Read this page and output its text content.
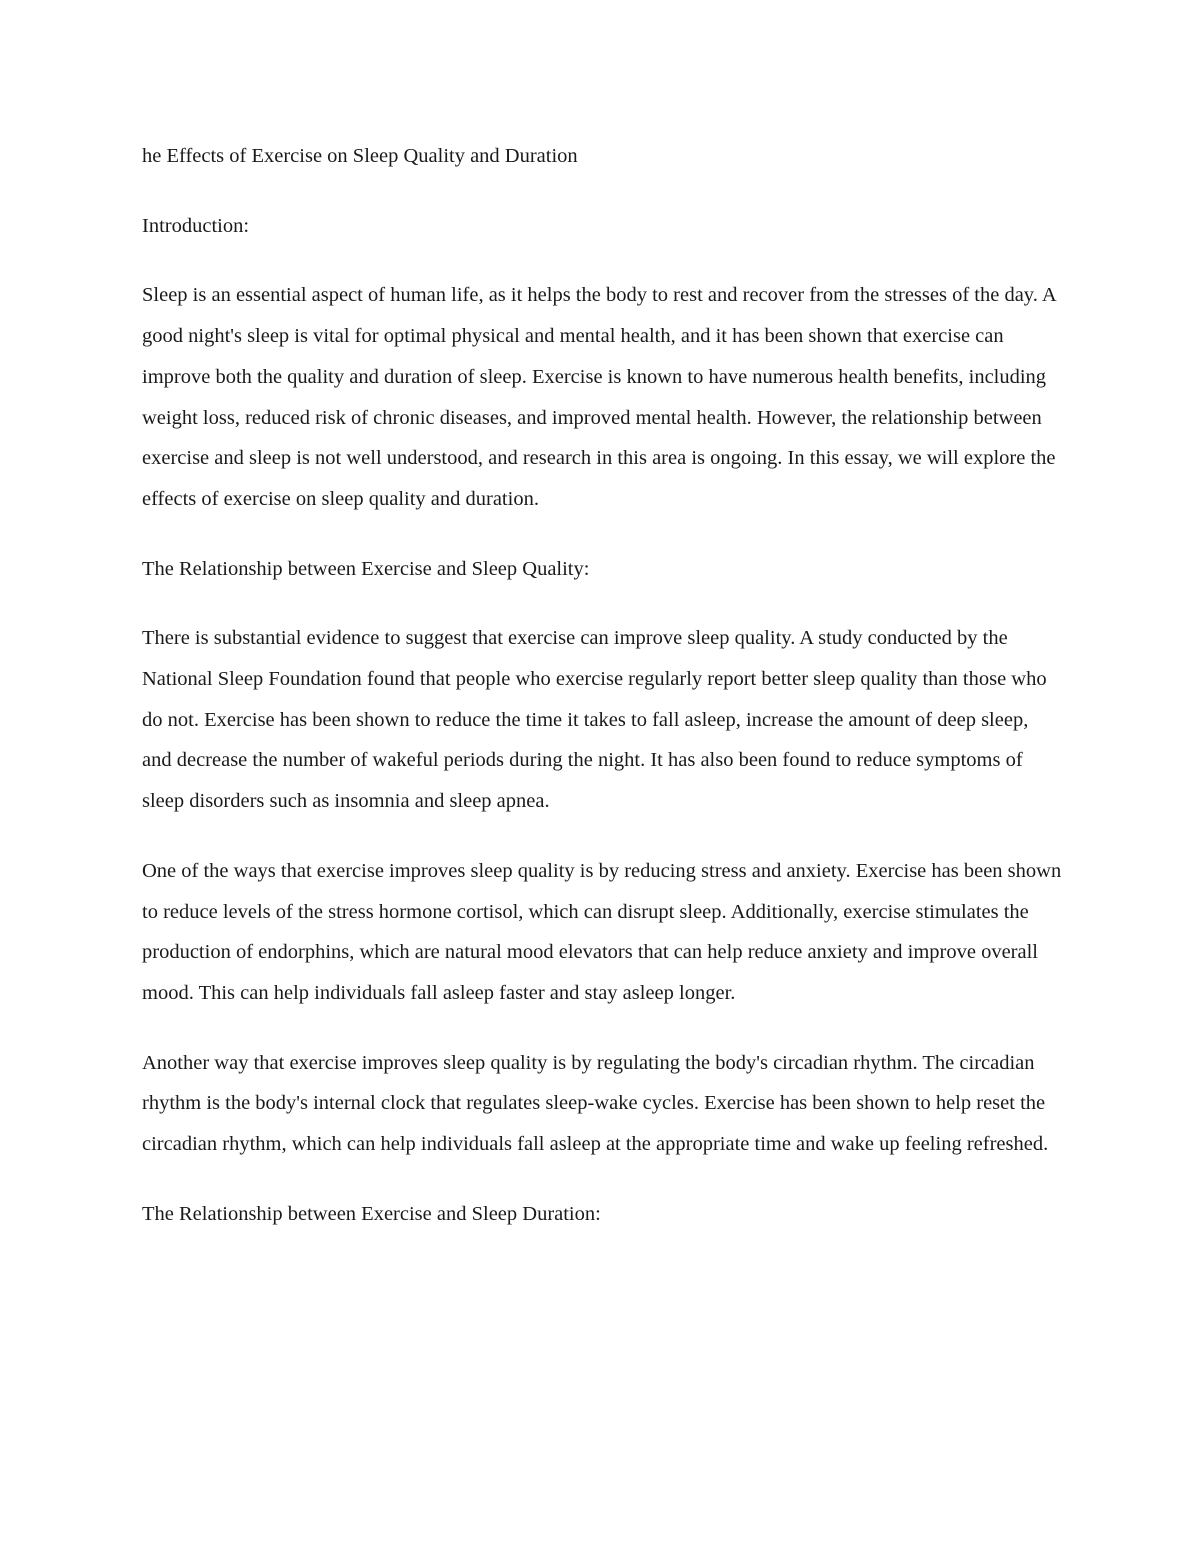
he Effects of Exercise on Sleep Quality and Duration

Introduction:

Sleep is an essential aspect of human life, as it helps the body to rest and recover from the stresses of the day. A good night's sleep is vital for optimal physical and mental health, and it has been shown that exercise can improve both the quality and duration of sleep. Exercise is known to have numerous health benefits, including weight loss, reduced risk of chronic diseases, and improved mental health. However, the relationship between exercise and sleep is not well understood, and research in this area is ongoing. In this essay, we will explore the effects of exercise on sleep quality and duration.

The Relationship between Exercise and Sleep Quality:

There is substantial evidence to suggest that exercise can improve sleep quality. A study conducted by the National Sleep Foundation found that people who exercise regularly report better sleep quality than those who do not. Exercise has been shown to reduce the time it takes to fall asleep, increase the amount of deep sleep, and decrease the number of wakeful periods during the night. It has also been found to reduce symptoms of sleep disorders such as insomnia and sleep apnea.

One of the ways that exercise improves sleep quality is by reducing stress and anxiety. Exercise has been shown to reduce levels of the stress hormone cortisol, which can disrupt sleep. Additionally, exercise stimulates the production of endorphins, which are natural mood elevators that can help reduce anxiety and improve overall mood. This can help individuals fall asleep faster and stay asleep longer.

Another way that exercise improves sleep quality is by regulating the body's circadian rhythm. The circadian rhythm is the body's internal clock that regulates sleep-wake cycles. Exercise has been shown to help reset the circadian rhythm, which can help individuals fall asleep at the appropriate time and wake up feeling refreshed.

The Relationship between Exercise and Sleep Duration:
